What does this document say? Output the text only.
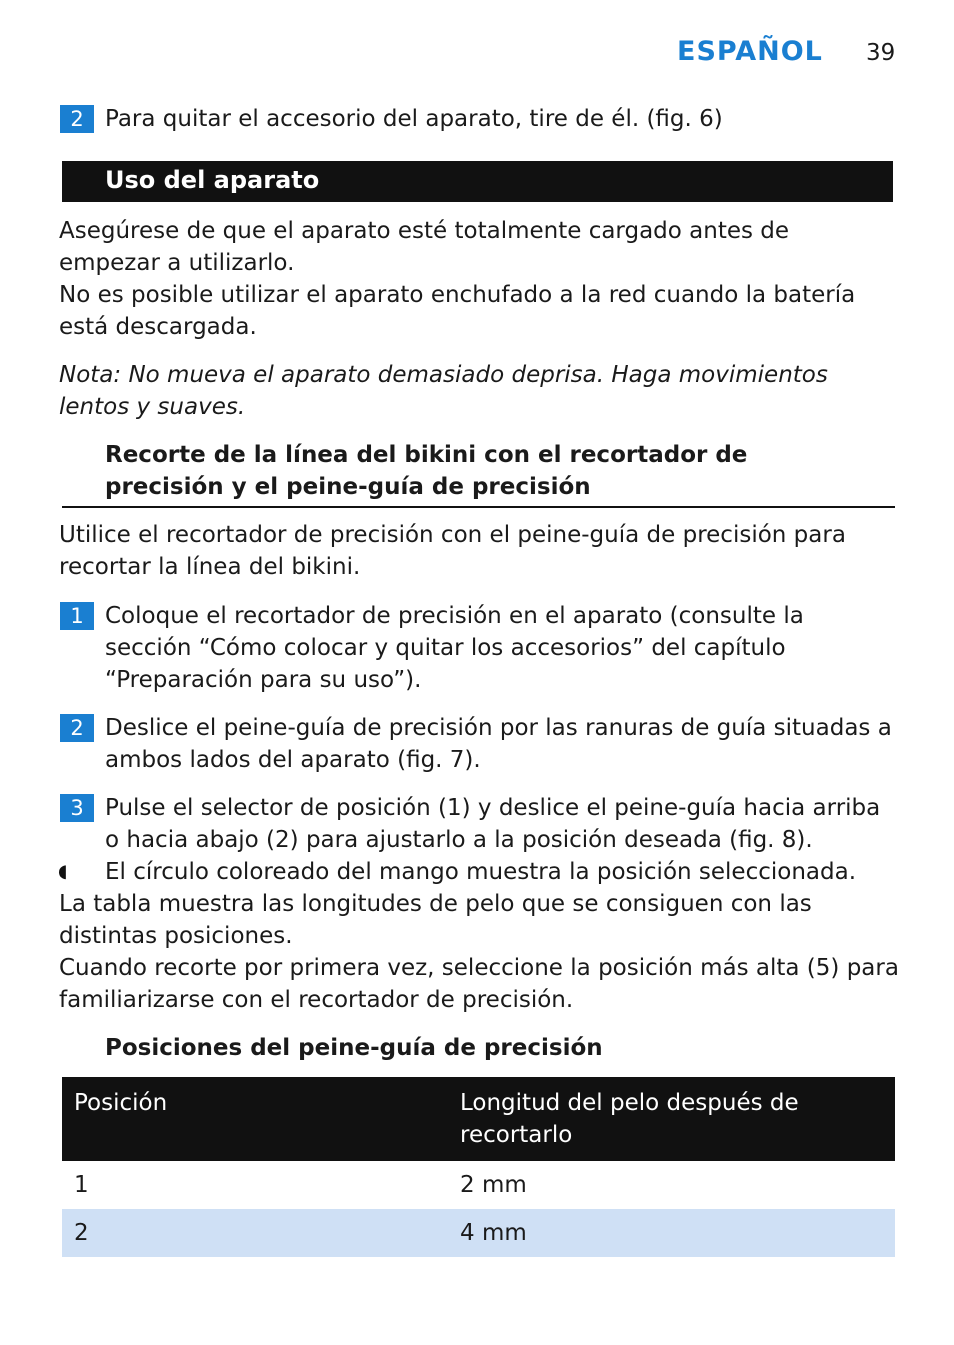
ESPAÑOL 39
2 Para quitar el accesorio del aparato, tire de él. (fig. 6)
Uso del aparato
Asegúrese de que el aparato esté totalmente cargado antes de empezar a utilizarlo.
No es posible utilizar el aparato enchufado a la red cuando la batería está descargada.
Nota: No mueva el aparato demasiado deprisa. Haga movimientos lentos y suaves.
Recorte de la línea del bikini con el recortador de precisión y el peine-guía de precisión
Utilice el recortador de precisión con el peine-guía de precisión para recortar la línea del bikini.
1 Coloque el recortador de precisión en el aparato (consulte la sección “Cómo colocar y quitar los accesorios” del capítulo “Preparación para su uso”).
2 Deslice el peine-guía de precisión por las ranuras de guía situadas a ambos lados del aparato (fig. 7).
3 Pulse el selector de posición (1) y deslice el peine-guía hacia arriba o hacia abajo (2) para ajustarlo a la posición deseada (fig. 8).
◖ El círculo coloreado del mango muestra la posición seleccionada.
La tabla muestra las longitudes de pelo que se consiguen con las distintas posiciones.
Cuando recorte por primera vez, seleccione la posición más alta (5) para familiarizarse con el recortador de precisión.
Posiciones del peine-guía de precisión
Posición	Longitud del pelo después de recortarlo
1	2 mm
2	4 mm
